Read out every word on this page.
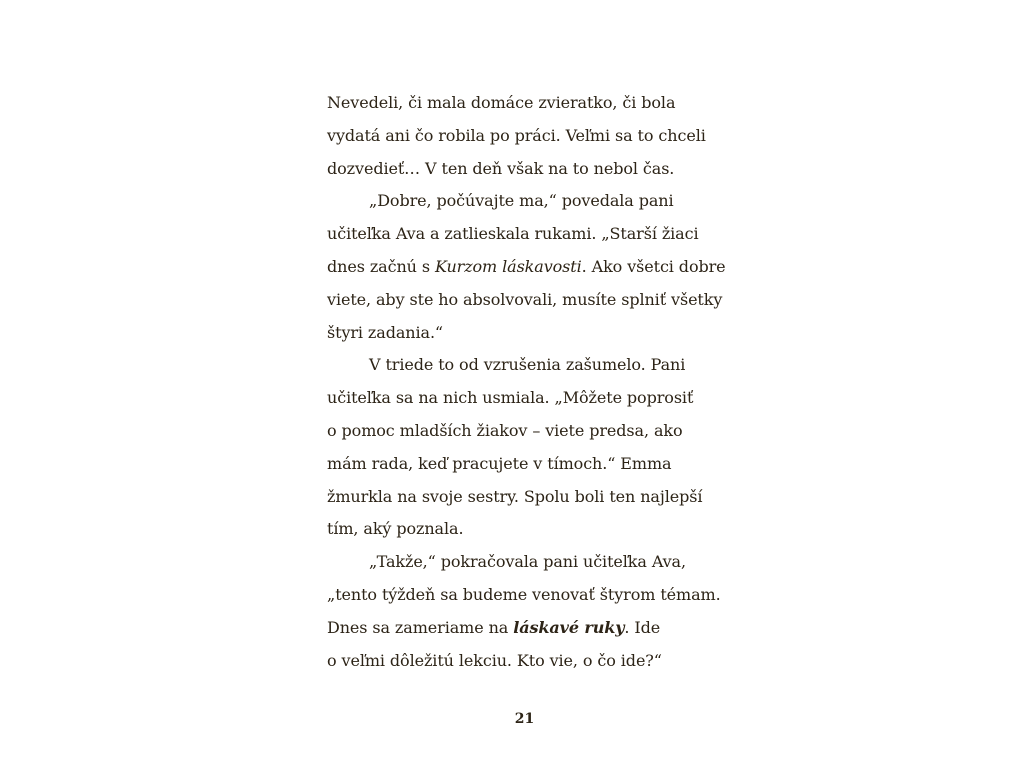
Nevedeli, či mala domáce zvieratko, či bola
vydatá ani čo robila po práci. Veľmi sa to chceli
dozvedieť… V ten deň však na to nebol čas.
„Dobre, počúvajte ma,“ povedala pani
učiteľka Ava a zatlieskala rukami. „Starší žiaci
dnes začnú s Kurzom láskavosti. Ako všetci dobre
viete, aby ste ho absolvovali, musíte splniť všetky
štyri zadania.“
V triede to od vzrušenia zašumelo. Pani
učiteľka sa na nich usmiala. „Môžete poprosiť
o pomoc mladších žiakov – viete predsa, ako
mám rada, keď pracujete v tímoch.“ Emma
žmurkla na svoje sestry. Spolu boli ten najlepší
tím, aký poznala.
„Takže,“ pokračovala pani učiteľka Ava,
„tento týždeň sa budeme venovať štyrom témam.
Dnes sa zameriame na láskavé ruky. Ide
o veľmi dôležitú lekciu. Kto vie, o čo ide?“
21
